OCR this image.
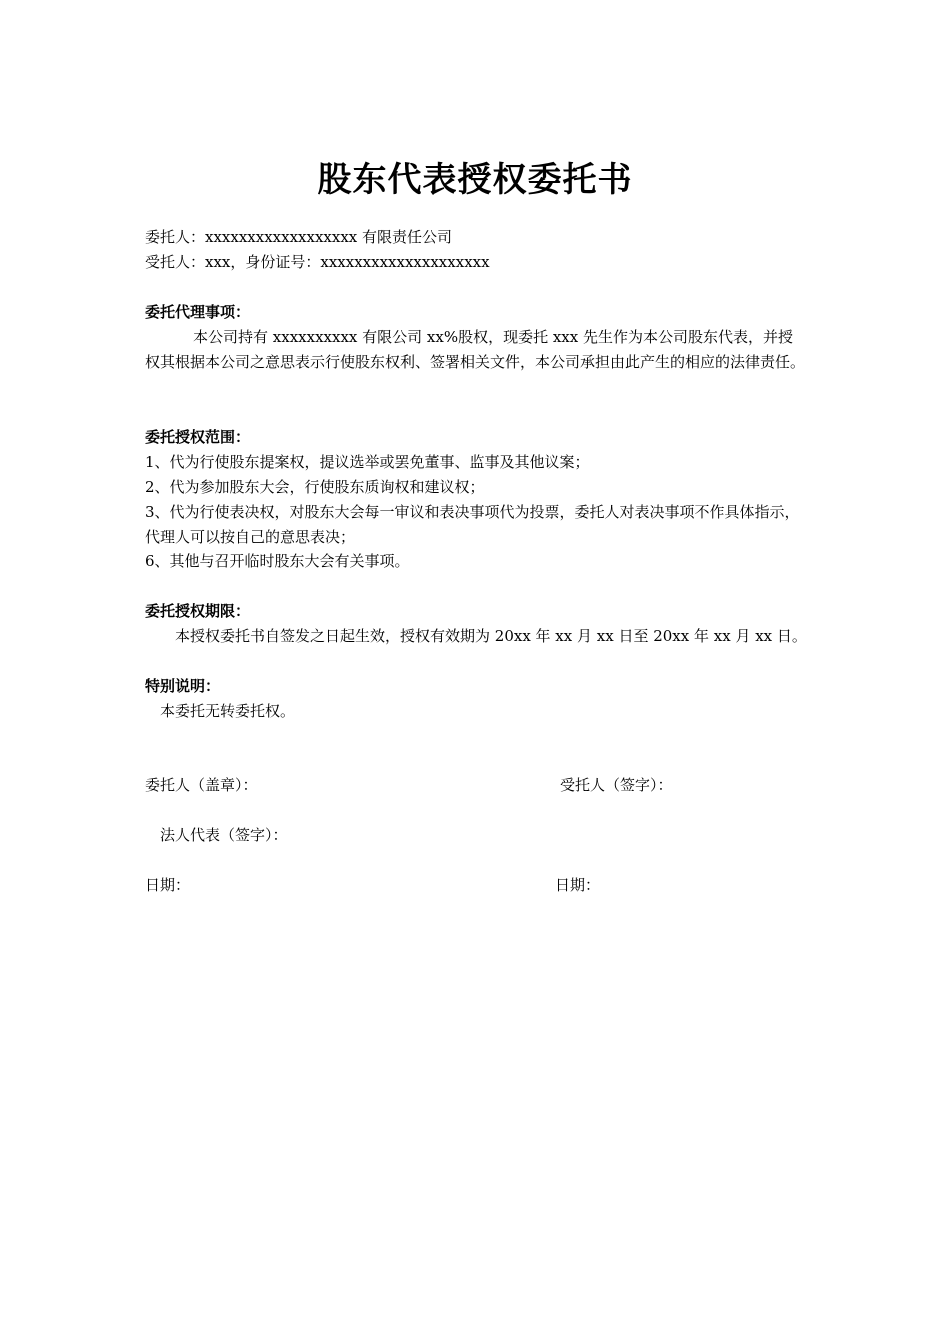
股东代表授权委托书
委托人：xxxxxxxxxxxxxxxxxx 有限责任公司
受托人：xxx，身份证号：xxxxxxxxxxxxxxxxxxxx
委托代理事项：
本公司持有 xxxxxxxxxx 有限公司 xx%股权，现委托 xxx 先生作为本公司股东代表，并授权其根据本公司之意思表示行使股东权利、签署相关文件，本公司承担由此产生的相应的法律责任。
委托授权范围：
1、代为行使股东提案权，提议选举或罢免董事、监事及其他议案；
2、代为参加股东大会，行使股东质询权和建议权；
3、代为行使表决权，对股东大会每一审议和表决事项代为投票，委托人对表决事项不作具体指示，代理人可以按自己的意思表决；
6、其他与召开临时股东大会有关事项。
委托授权期限：
本授权委托书自签发之日起生效，授权有效期为 20xx 年 xx 月 xx 日至 20xx 年 xx 月 xx 日。
特别说明：
本委托无转委托权。
委托人（盖章）：	受托人（签字）：
法人代表（签字）：
日期：	日期：
